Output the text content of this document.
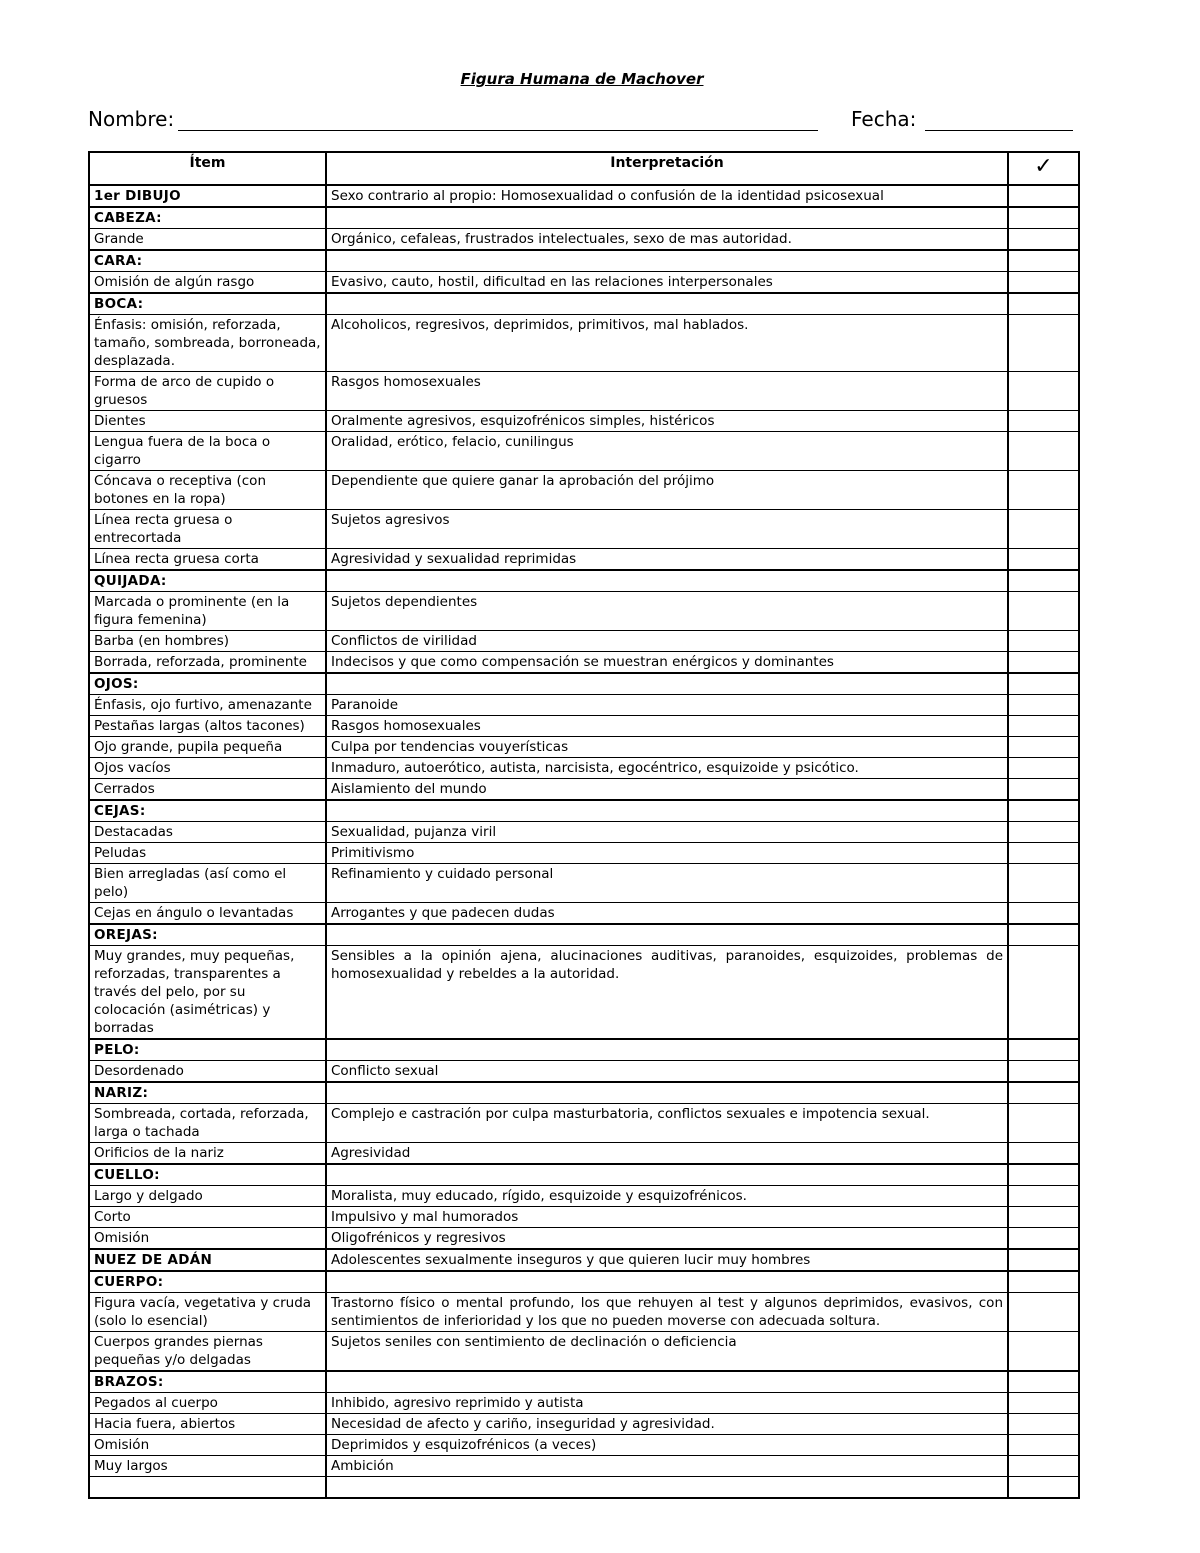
Figura Humana de Machover
Nombre:	Fecha:
Ítem	Interpretación	✓
1er DIBUJO	Sexo contrario al propio: Homosexualidad o confusión de la identidad psicosexual	
CABEZA:		
Grande	Orgánico, cefaleas, frustrados intelectuales, sexo de mas autoridad.	
CARA:		
Omisión de algún rasgo	Evasivo, cauto, hostil, dificultad en las relaciones interpersonales	
BOCA:		
Énfasis: omisión, reforzada, tamaño, sombreada, borroneada, desplazada.	Alcoholicos, regresivos, deprimidos, primitivos, mal hablados.	
Forma de arco de cupido o gruesos	Rasgos homosexuales	
Dientes	Oralmente agresivos, esquizofrénicos simples, histéricos	
Lengua fuera de la boca o cigarro	Oralidad, erótico, felacio, cunilingus	
Cóncava o receptiva (con botones en la ropa)	Dependiente que quiere ganar la aprobación del prójimo	
Línea recta gruesa o entrecortada	Sujetos agresivos	
Línea recta gruesa corta	Agresividad y sexualidad reprimidas	
QUIJADA:		
Marcada o prominente (en la figura femenina)	Sujetos dependientes	
Barba (en hombres)	Conflictos de virilidad	
Borrada, reforzada, prominente	Indecisos y que como compensación se muestran enérgicos y dominantes	
OJOS:		
Énfasis, ojo furtivo, amenazante	Paranoide	
Pestañas largas (altos tacones)	Rasgos homosexuales	
Ojo grande, pupila pequeña	Culpa por tendencias vouyerísticas	
Ojos vacíos	Inmaduro, autoerótico, autista, narcisista, egocéntrico, esquizoide y psicótico.	
Cerrados	Aislamiento del mundo	
CEJAS:		
Destacadas	Sexualidad, pujanza viril	
Peludas	Primitivismo	
Bien arregladas (así como el pelo)	Refinamiento y cuidado personal	
Cejas en ángulo o levantadas	Arrogantes y que padecen dudas	
OREJAS:		
Muy grandes, muy pequeñas, reforzadas, transparentes a través del pelo, por su colocación (asimétricas) y borradas	Sensibles a la opinión ajena, alucinaciones auditivas, paranoides, esquizoides, problemas de homosexualidad y rebeldes a la autoridad.	
PELO:		
Desordenado	Conflicto sexual	
NARIZ:		
Sombreada, cortada, reforzada, larga o tachada	Complejo e castración por culpa masturbatoria, conflictos sexuales e impotencia sexual.	
Orificios de la nariz	Agresividad	
CUELLO:		
Largo y delgado	Moralista, muy educado, rígido, esquizoide y esquizofrénicos.	
Corto	Impulsivo y mal humorados	
Omisión	Oligofrénicos y regresivos	
NUEZ DE ADÁN	Adolescentes sexualmente inseguros y que quieren lucir muy hombres	
CUERPO:		
Figura vacía, vegetativa y cruda (solo lo esencial)	Trastorno físico o mental profundo, los que rehuyen al test y algunos deprimidos, evasivos, con sentimientos de inferioridad y los que no pueden moverse con adecuada soltura.	
Cuerpos grandes piernas pequeñas y/o delgadas	Sujetos seniles con sentimiento de declinación o deficiencia	
BRAZOS:		
Pegados al cuerpo	Inhibido, agresivo reprimido y autista	
Hacia fuera, abiertos	Necesidad de afecto y cariño, inseguridad y agresividad.	
Omisión	Deprimidos y esquizofrénicos (a veces)	
Muy largos	Ambición	
